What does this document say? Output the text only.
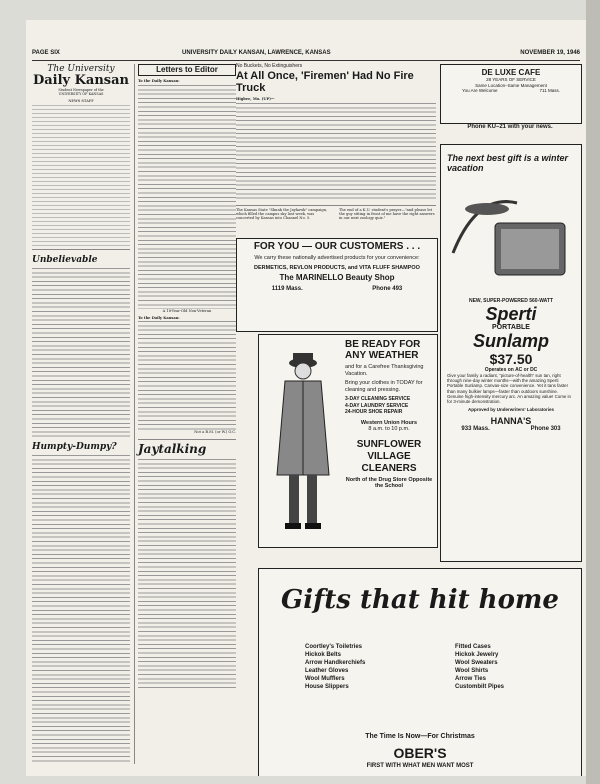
PAGE SIX	UNIVERSITY DAILY KANSAN, LAWRENCE, KANSAS	NOVEMBER 19, 1946
The University
Daily Kansan
Student Newspaper of the
UNIVERSITY OF KANSAS
NEWS STAFF
Unbelievable
Humpty-Dumpy?
Letters to Editor
To the Daily Kansan:
A 18-Year-Old Non-Veteran
To the Daily Kansan:
Not a B.M. (or W.) O.C.
Jaytalking
No Buckets, No Extinguishers
At All Once, 'Firemen' Had No Fire Truck
Higbee, Mo. (UP)—
The Kansas State "Skunk the Jayhawk" campaign, which filled the campus sky last week, was concerted by Kansas into Channel No. 5.
The end of a K.U. student's prayer—"and please let the guy sitting in front of me have the right answers in our next zoology quiz."
DE LUXE CAFE
28 YEARS OF SERVICE
Same Location–Same Management
You Are Welcome	711 Mass.
Phone KU–21 with your news.
FOR YOU — OUR CUSTOMERS . . .
We carry these nationally advertised products for your convenience:
DERMETICS, REVLON PRODUCTS, and VITA FLUFF SHAMPOO
The MARINELLO Beauty Shop
1119 Mass.	Phone 493
BE READY FOR ANY WEATHER
and for a Carefree Thanksgiving Vacation.
Bring your clothes in TODAY for cleaning and pressing.
3-DAY CLEANING SERVICE
4-DAY LAUNDRY SERVICE
24-HOUR SHOE REPAIR
Western Union Hours
8 a.m. to 10 p.m.
SUNFLOWER VILLAGE CLEANERS
North of the Drug Store Opposite the School
The next best gift is a winter vacation
NEW, SUPER-POWERED 560-WATT
Sperti
PORTABLE
Sunlamp
$37.50
Operates on AC or DC
Give your family a radiant, "picture-of-health" sun tan, right through nine-day winter months—with the amazing Sperti Portable Sunlamp. Canvas-size convenience. Yet it tans faster than many bulkier lamps—faster than outdoors sunshine. Genuine high-intensity mercury arc. An amazing value! Come in for 3-minute demonstration.
Approved by Underwriters' Laboratories
HANNA'S
933 Mass.	Phone 303
Gifts that hit home
Coortley's Toiletries
Hickok Belts
Arrow Handkerchiefs
Leather Gloves
Wool Mufflers
House Slippers
Fitted Cases
Hickok Jewelry
Wool Sweaters
Wool Shirts
Arrow Ties
Custombilt Pipes
The Time Is Now—For Christmas
OBER'S
FIRST WITH WHAT MEN WANT MOST
